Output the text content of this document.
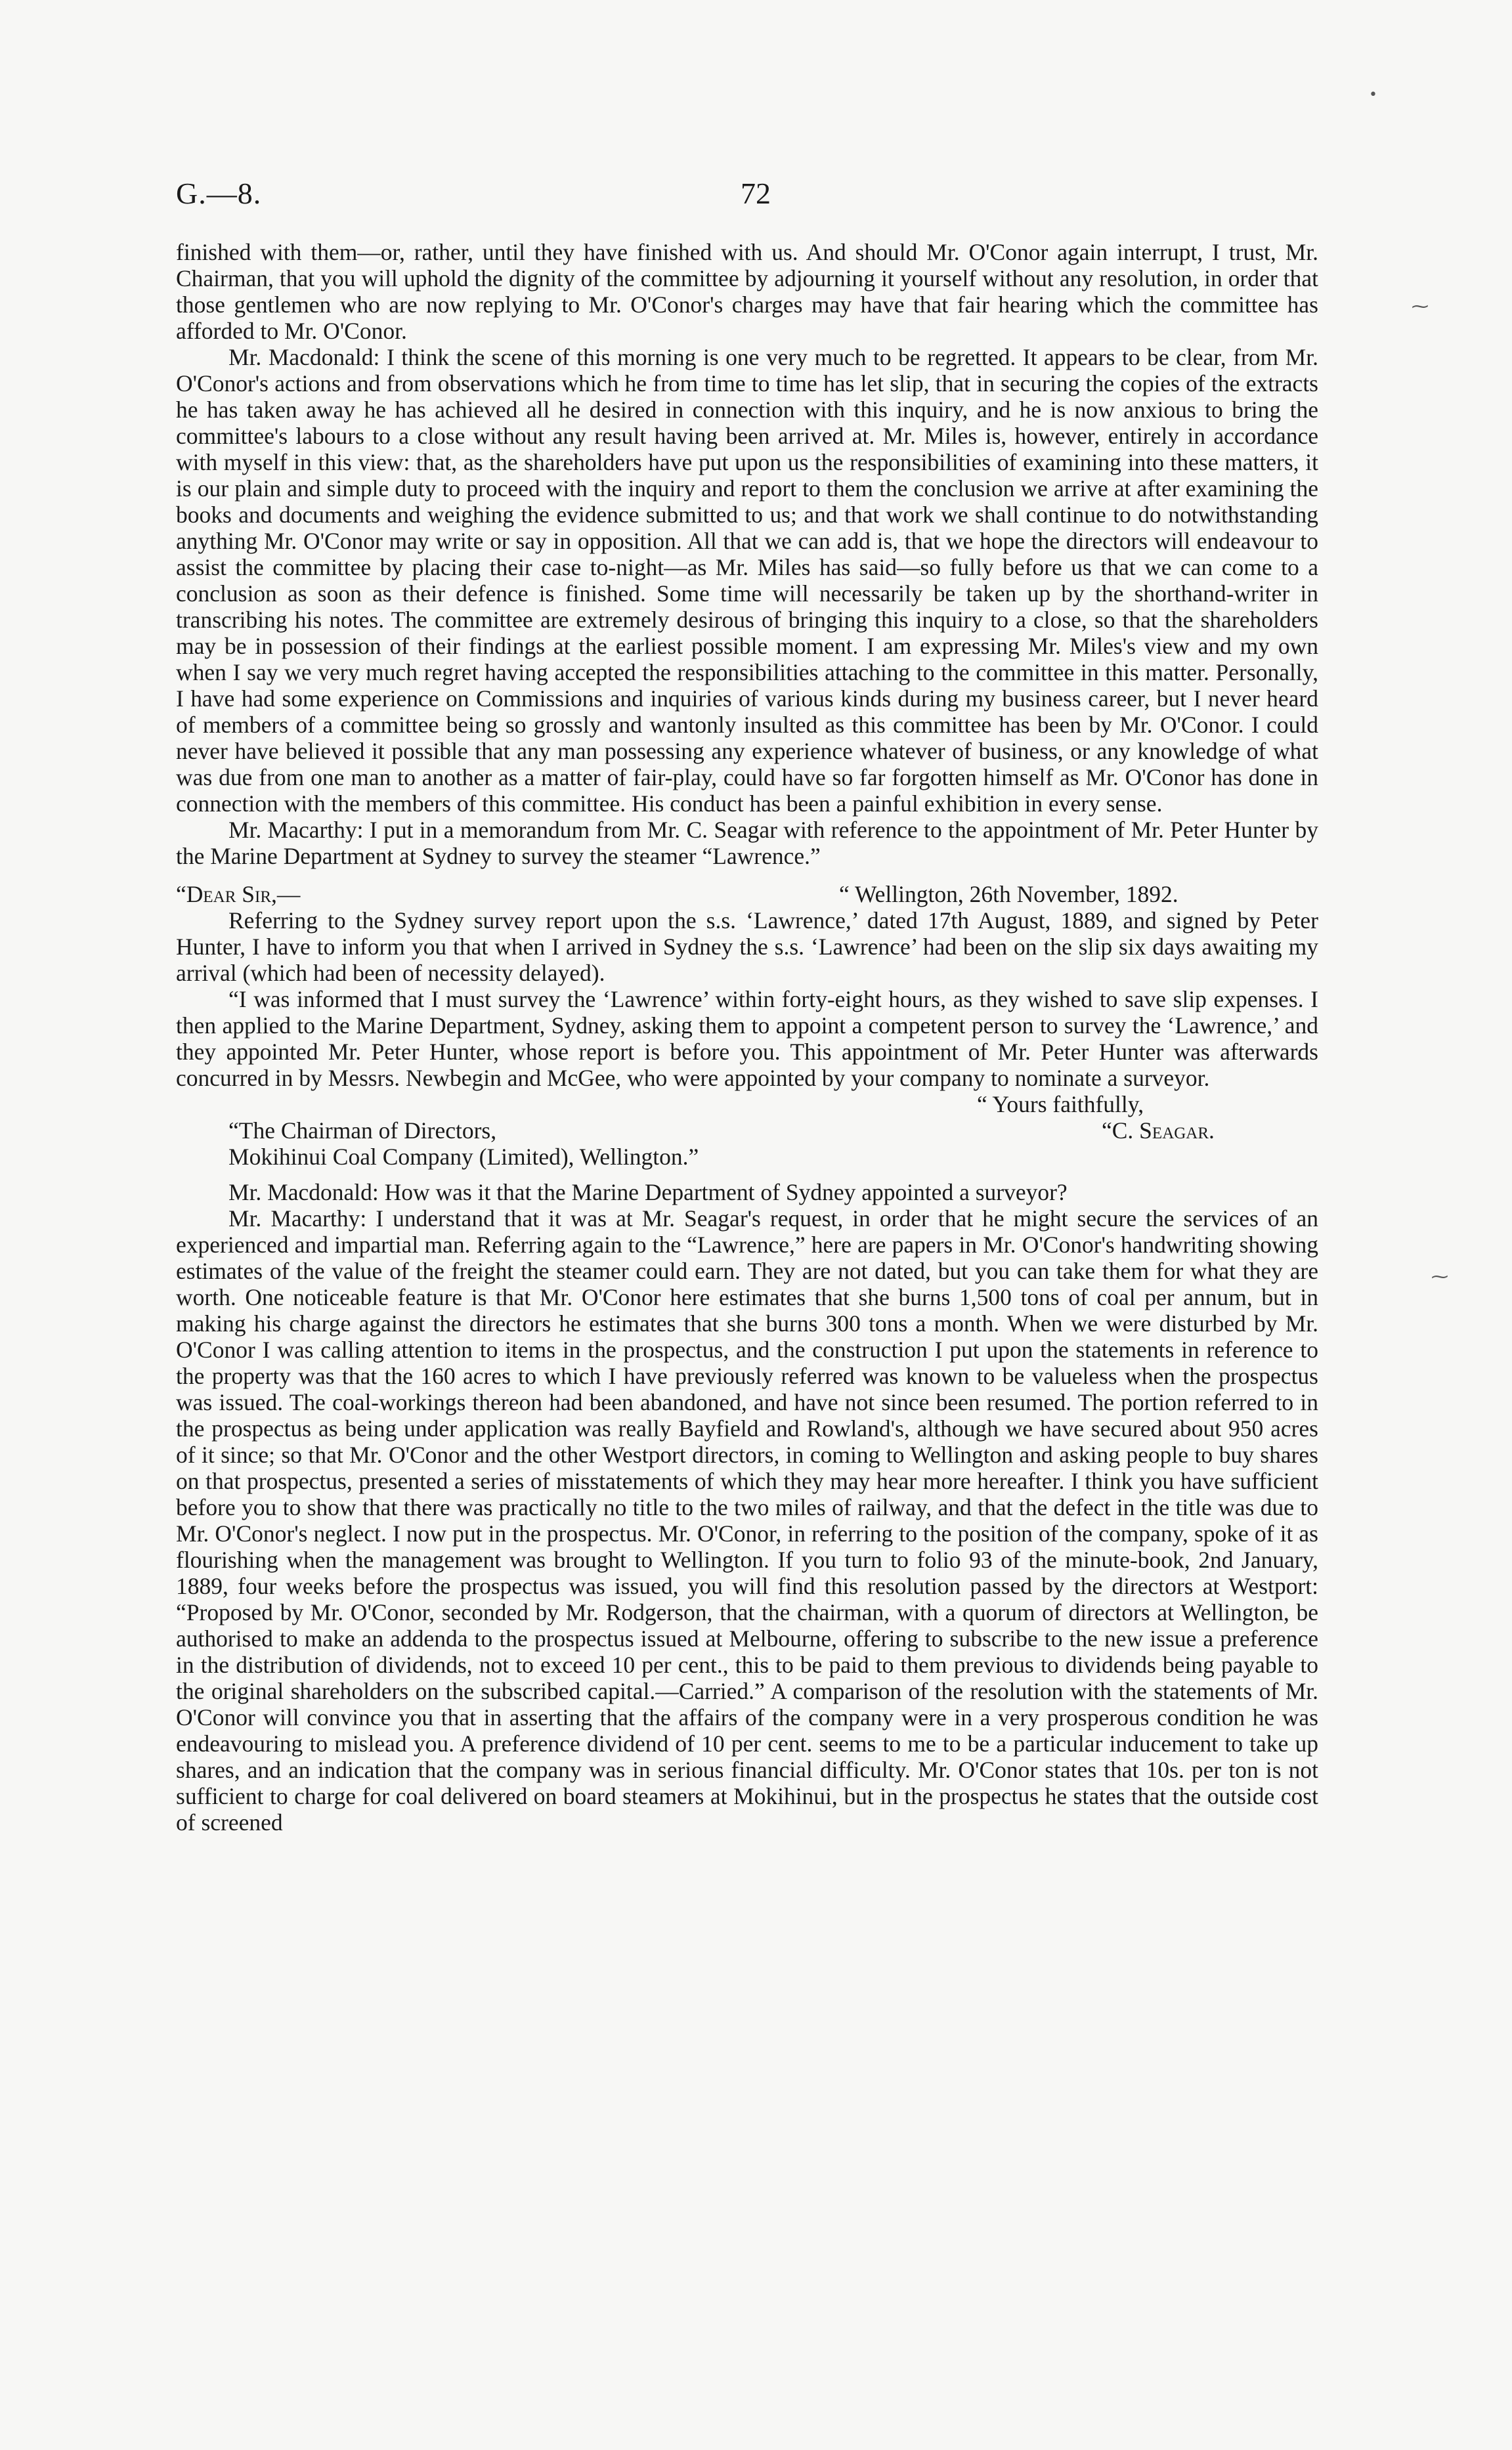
•
⁓
⁓
G.—8.	72

finished with them—or, rather, until they have finished with us. And should Mr. O'Conor again interrupt, I trust, Mr. Chairman, that you will uphold the dignity of the committee by adjourning it yourself without any resolution, in order that those gentlemen who are now replying to Mr. O'Conor's charges may have that fair hearing which the committee has afforded to Mr. O'Conor.

Mr. Macdonald: I think the scene of this morning is one very much to be regretted. It appears to be clear, from Mr. O'Conor's actions and from observations which he from time to time has let slip, that in securing the copies of the extracts he has taken away he has achieved all he desired in connection with this inquiry, and he is now anxious to bring the committee's labours to a close without any result having been arrived at. Mr. Miles is, however, entirely in accordance with myself in this view: that, as the shareholders have put upon us the responsibilities of examining into these matters, it is our plain and simple duty to proceed with the inquiry and report to them the conclusion we arrive at after examining the books and documents and weighing the evidence submitted to us; and that work we shall continue to do notwithstanding anything Mr. O'Conor may write or say in opposition. All that we can add is, that we hope the directors will endeavour to assist the committee by placing their case to-night—as Mr. Miles has said—so fully before us that we can come to a conclusion as soon as their defence is finished. Some time will necessarily be taken up by the shorthand-writer in transcribing his notes. The committee are extremely desirous of bringing this inquiry to a close, so that the shareholders may be in possession of their findings at the earliest possible moment. I am expressing Mr. Miles's view and my own when I say we very much regret having accepted the responsibilities attaching to the committee in this matter. Personally, I have had some experience on Commissions and inquiries of various kinds during my business career, but I never heard of members of a committee being so grossly and wantonly insulted as this committee has been by Mr. O'Conor. I could never have believed it possible that any man possessing any experience whatever of business, or any knowledge of what was due from one man to another as a matter of fair-play, could have so far forgotten himself as Mr. O'Conor has done in connection with the members of this committee. His conduct has been a painful exhibition in every sense.

Mr. Macarthy: I put in a memorandum from Mr. C. Seagar with reference to the appointment of Mr. Peter Hunter by the Marine Department at Sydney to survey the steamer “Lawrence.”

“Dear Sir,—	“ Wellington, 26th November, 1892.

Referring to the Sydney survey report upon the s.s. ‘Lawrence,’ dated 17th August, 1889, and signed by Peter Hunter, I have to inform you that when I arrived in Sydney the s.s. ‘Lawrence’ had been on the slip six days awaiting my arrival (which had been of necessity delayed).

“I was informed that I must survey the ‘Lawrence’ within forty-eight hours, as they wished to save slip expenses. I then applied to the Marine Department, Sydney, asking them to appoint a competent person to survey the ‘Lawrence,’ and they appointed Mr. Peter Hunter, whose report is before you. This appointment of Mr. Peter Hunter was afterwards concurred in by Messrs. Newbegin and McGee, who were appointed by your company to nominate a surveyor.

“ Yours faithfully,

“The Chairman of Directors,	“C. Seagar.

Mokihinui Coal Company (Limited), Wellington.”

Mr. Macdonald: How was it that the Marine Department of Sydney appointed a surveyor?

Mr. Macarthy: I understand that it was at Mr. Seagar's request, in order that he might secure the services of an experienced and impartial man. Referring again to the “Lawrence,” here are papers in Mr. O'Conor's handwriting showing estimates of the value of the freight the steamer could earn. They are not dated, but you can take them for what they are worth. One noticeable feature is that Mr. O'Conor here estimates that she burns 1,500 tons of coal per annum, but in making his charge against the directors he estimates that she burns 300 tons a month. When we were disturbed by Mr. O'Conor I was calling attention to items in the prospectus, and the construction I put upon the statements in reference to the property was that the 160 acres to which I have previously referred was known to be valueless when the prospectus was issued. The coal-workings thereon had been abandoned, and have not since been resumed. The portion referred to in the prospectus as being under application was really Bayfield and Rowland's, although we have secured about 950 acres of it since; so that Mr. O'Conor and the other Westport directors, in coming to Wellington and asking people to buy shares on that prospectus, presented a series of misstatements of which they may hear more hereafter. I think you have sufficient before you to show that there was practically no title to the two miles of railway, and that the defect in the title was due to Mr. O'Conor's neglect. I now put in the prospectus. Mr. O'Conor, in referring to the position of the company, spoke of it as flourishing when the management was brought to Wellington. If you turn to folio 93 of the minute-book, 2nd January, 1889, four weeks before the prospectus was issued, you will find this resolution passed by the directors at Westport: “Proposed by Mr. O'Conor, seconded by Mr. Rodgerson, that the chairman, with a quorum of directors at Wellington, be authorised to make an addenda to the prospectus issued at Melbourne, offering to subscribe to the new issue a preference in the distribution of dividends, not to exceed 10 per cent., this to be paid to them previous to dividends being payable to the original shareholders on the subscribed capital.—Carried.” A comparison of the resolution with the statements of Mr. O'Conor will convince you that in asserting that the affairs of the company were in a very prosperous condition he was endeavouring to mislead you. A preference dividend of 10 per cent. seems to me to be a particular inducement to take up shares, and an indication that the company was in serious financial difficulty. Mr. O'Conor states that 10s. per ton is not sufficient to charge for coal delivered on board steamers at Mokihinui, but in the prospectus he states that the outside cost of screened
